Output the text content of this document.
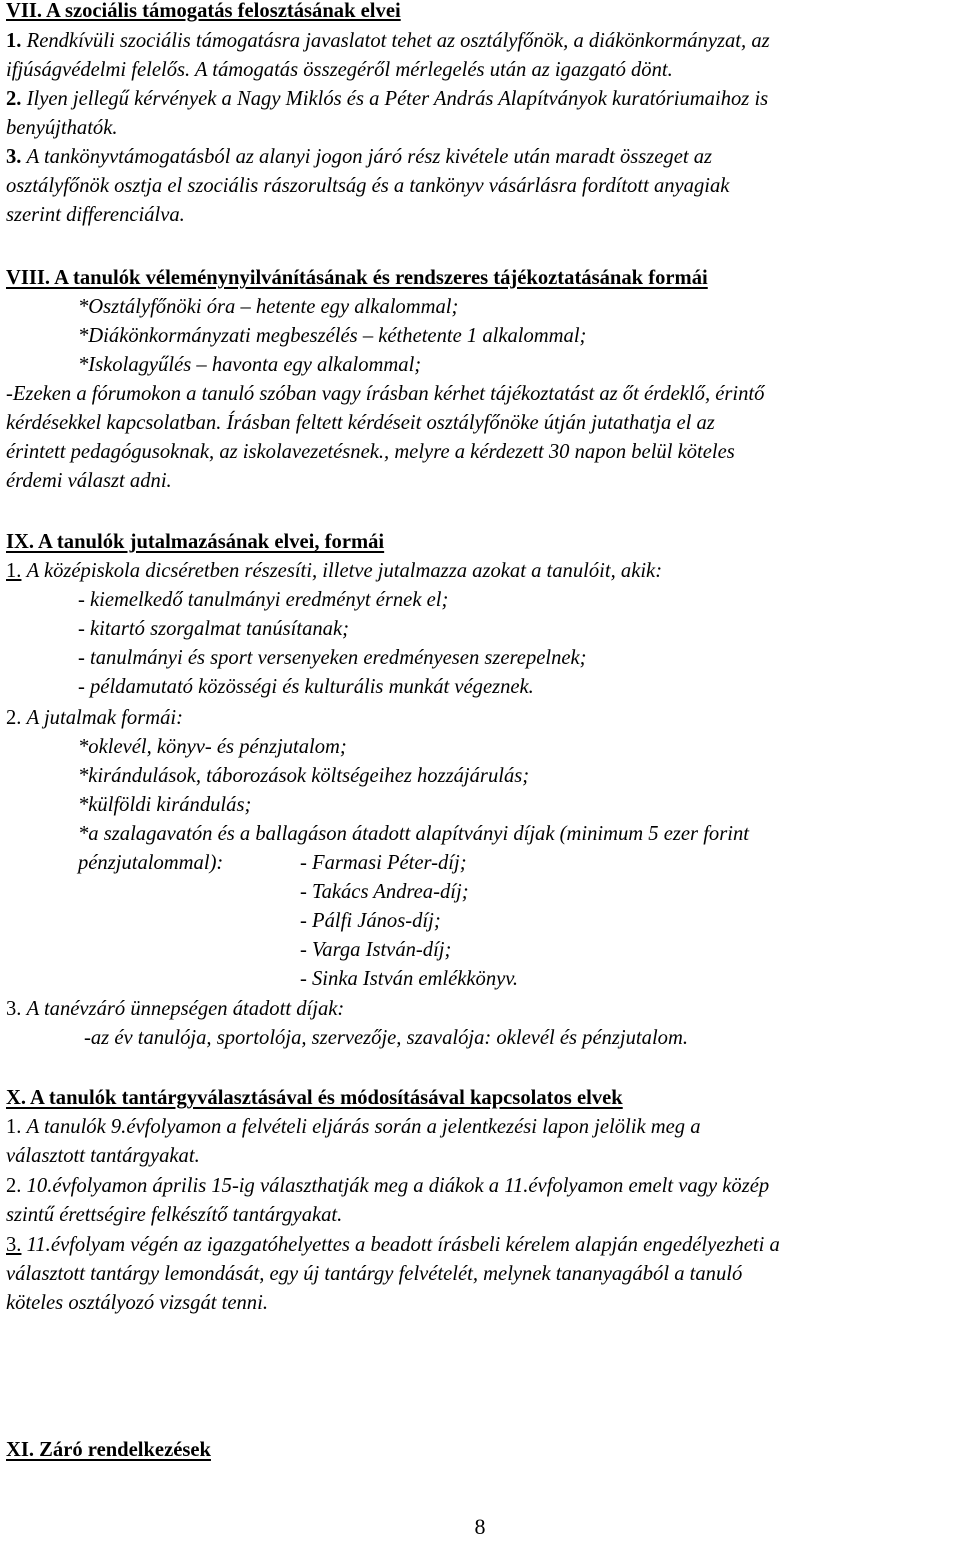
VII. A szociális támogatás felosztásának elvei
1. Rendkívüli szociális támogatásra javaslatot tehet az osztályfőnök, a diákönkormányzat, az
ifjúságvédelmi felelős. A támogatás összegéről mérlegelés után az igazgató dönt.
2. Ilyen jellegű kérvények a Nagy Miklós és a Péter András Alapítványok kuratóriumaihoz is
benyújthatók.
3. A tankönyvtámogatásból az alanyi jogon járó rész kivétele után maradt összeget az
osztályfőnök osztja el szociális rászorultság és a tankönyv vásárlásra fordított anyagiak
szerint differenciálva.
VIII. A tanulók véleménynyilvánításának és rendszeres tájékoztatásának formái
*Osztályfőnöki óra – hetente egy alkalommal;
*Diákönkormányzati megbeszélés – kéthetente 1 alkalommal;
*Iskolagyűlés – havonta egy alkalommal;
-Ezeken a fórumokon a tanuló szóban vagy írásban kérhet tájékoztatást az őt érdeklő, érintő
kérdésekkel kapcsolatban. Írásban feltett kérdéseit osztályfőnöke útján jutathatja el az
érintett pedagógusoknak, az iskolavezetésnek., melyre a kérdezett 30 napon belül köteles
érdemi választ adni.
IX. A tanulók jutalmazásának elvei, formái
1. A középiskola dicséretben részesíti, illetve jutalmazza azokat a tanulóit, akik:
- kiemelkedő tanulmányi eredményt érnek el;
- kitartó szorgalmat tanúsítanak;
- tanulmányi és sport versenyeken eredményesen szerepelnek;
- példamutató közösségi és kulturális munkát végeznek.
2. A jutalmak formái:
*oklevél, könyv- és pénzjutalom;
*kirándulások, táborozások költségeihez hozzájárulás;
*külföldi kirándulás;
*a szalagavatón és a ballagáson átadott alapítványi díjak (minimum 5 ezer forint
pénzjutalommal):	- Farmasi Péter-díj;
- Takács Andrea-díj;
- Pálfi János-díj;
- Varga István-díj;
- Sinka István emlékkönyv.
3. A tanévzáró ünnepségen átadott díjak:
-az év tanulója, sportolója, szervezője, szavalója: oklevél és pénzjutalom.
X. A tanulók tantárgyválasztásával és módosításával kapcsolatos elvek
1. A tanulók 9.évfolyamon a felvételi eljárás során a jelentkezési lapon jelölik meg a
választott tantárgyakat.
2. 10.évfolyamon április 15-ig választhatják meg a diákok a 11.évfolyamon emelt vagy közép
szintű érettségire felkészítő tantárgyakat.
3. 11.évfolyam végén az igazgatóhelyettes a beadott írásbeli kérelem alapján engedélyezheti a
választott tantárgy lemondását, egy új tantárgy felvételét, melynek tananyagából a tanuló
köteles osztályozó vizsgát tenni.
XI. Záró rendelkezések
8
